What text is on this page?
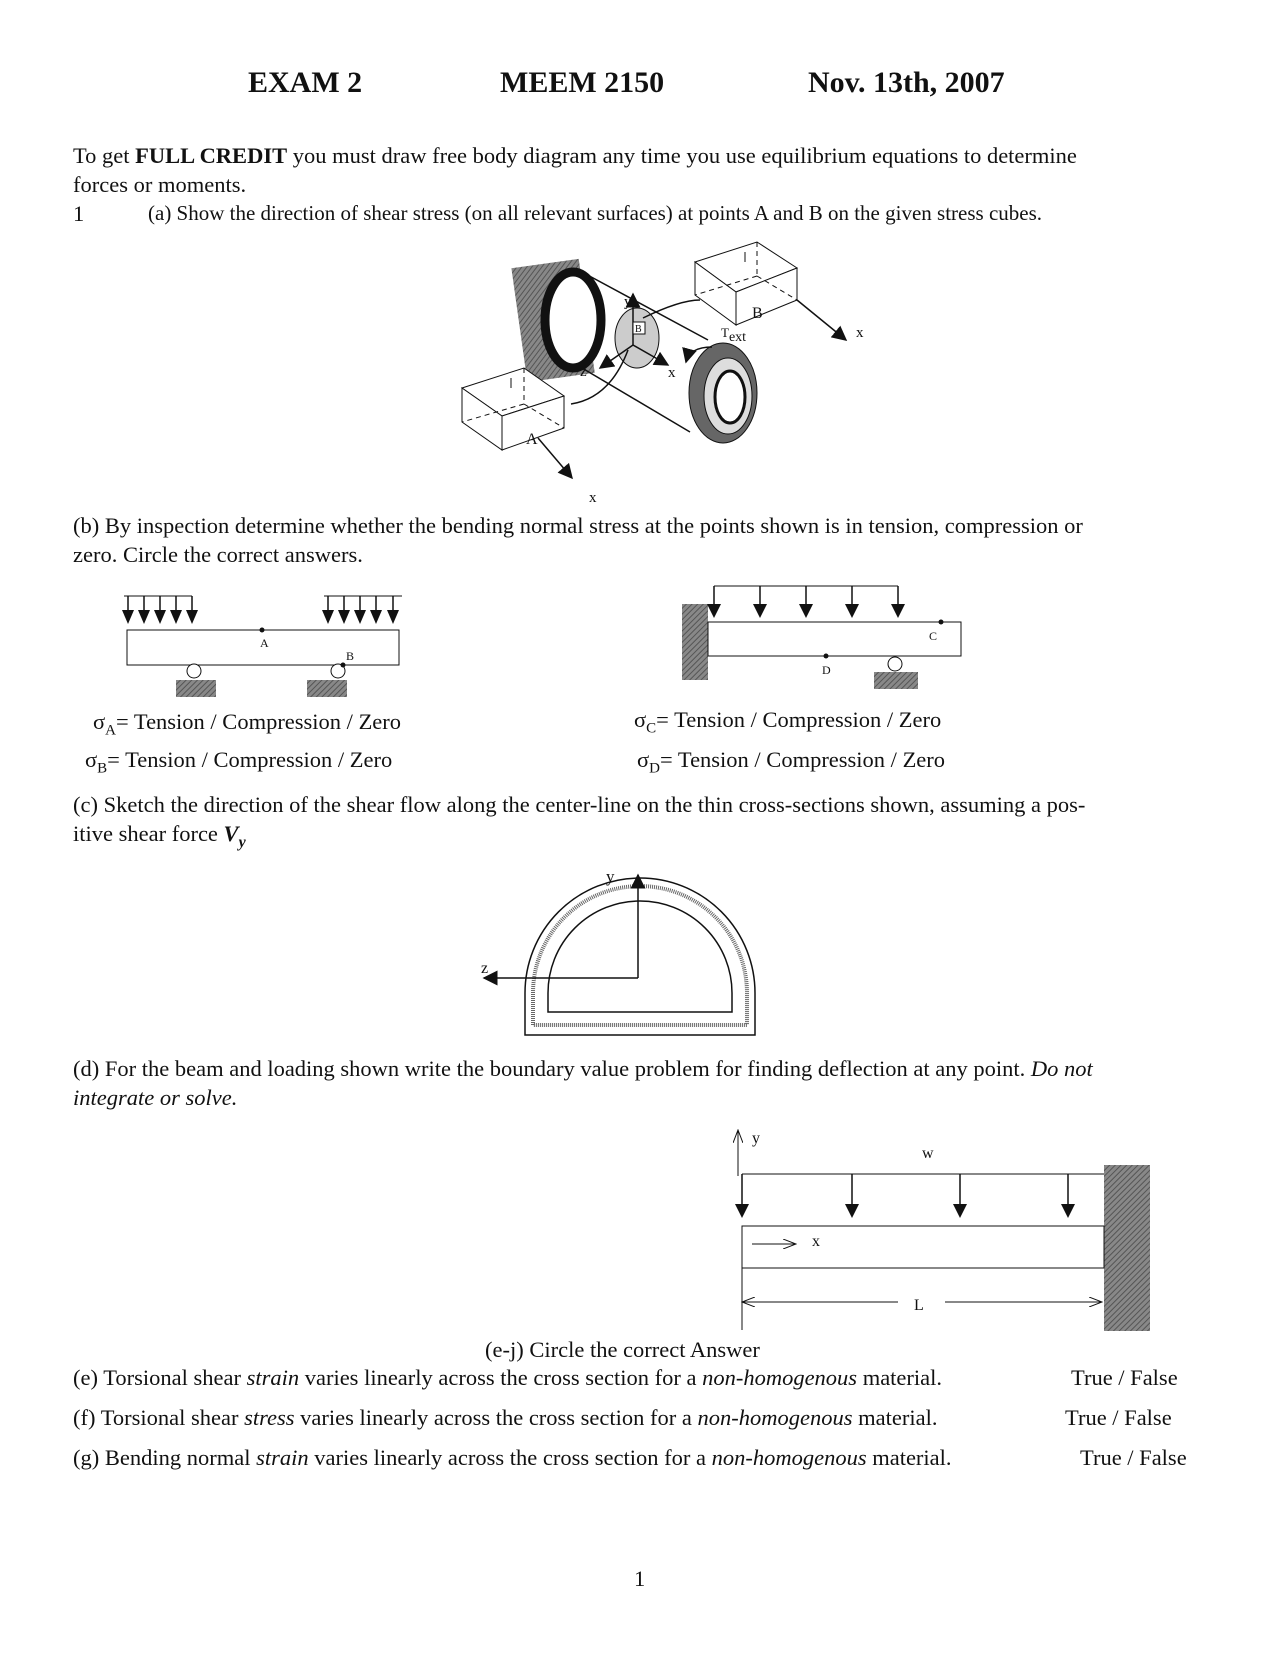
EXAM 2	MEEM 2150	Nov. 13th, 2007
To get FULL CREDIT you must draw free body diagram any time you use equilibrium equations to determine
forces or moments.
1	(a) Show the direction of shear stress (on all relevant surfaces) at points A and B on the given stress cubes.
(b) By inspection determine whether the bending normal stress at the points shown is in tension, compression or
zero. Circle the correct answers.
$\sigma_A=$ Tension / Compression / Zero
$\sigma_B=$ Tension / Compression / Zero
$\sigma_C=$ Tension / Compression / Zero
$\sigma_D=$ Tension / Compression / Zero
(c) Sketch the direction of the shear flow along the center-line on the thin cross-sections shown, assuming a pos-
itive shear force $V_y$
(d) For the beam and loading shown write the boundary value problem for finding deflection at any point. Do not
integrate or solve.
(e-j) Circle the correct Answer
(e) Torsional shear strain varies linearly across the cross section for a non-homogenous material.	True / False
(f) Torsional shear stress varies linearly across the cross section for a non-homogenous material.	True / False
(g) Bending normal strain varies linearly across the cross section for a non-homogenous material.	True / False
1
y
z	x
B	Text
B
x
A
x
A
B
C
D
y
z
y
w
x
L
